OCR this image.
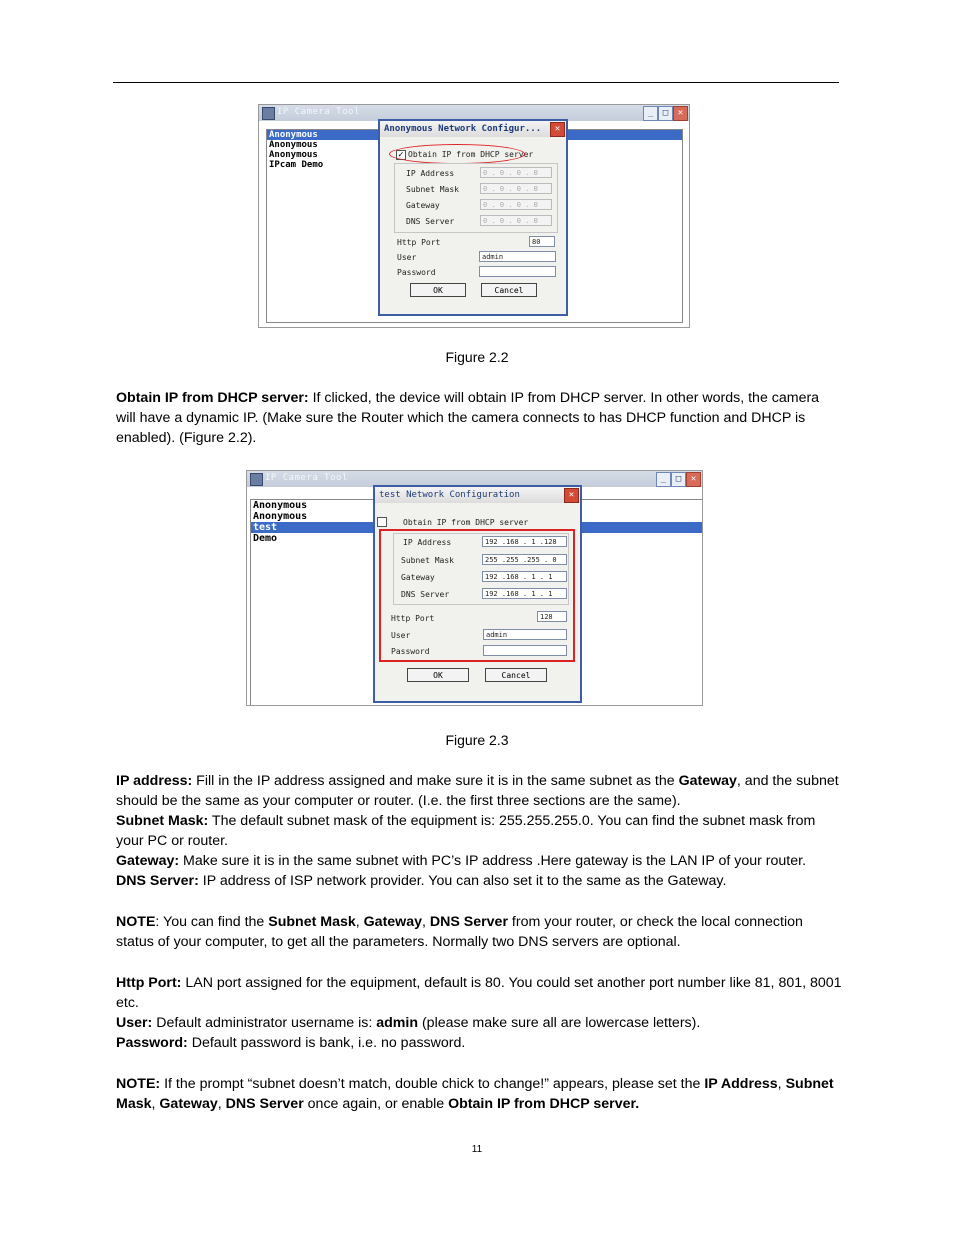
IP Camera Tool	_	□	✕
Anonymous
Anonymous
Anonymous
IPcam Demo
Anonymous Network Configur...	✕
✓ Obtain IP from DHCP server
IP Address	0 . 0 . 0 . 0
Subnet Mask	0 . 0 . 0 . 0
Gateway	0 . 0 . 0 . 0
DNS Server	0 . 0 . 0 . 0
Http Port	80
User	admin
Password
OK	Cancel
Figure 2.2

Obtain IP from DHCP server: If clicked, the device will obtain IP from DHCP server. In other words, the camera will have a dynamic IP. (Make sure the Router which the camera connects to has DHCP function and DHCP is enabled). (Figure 2.2).

IP Camera Tool	_	□	✕
Anonymous
Anonymous
test
Demo
test Network Configuration	✕
Obtain IP from DHCP server
IP Address	192 .168 . 1 .128
Subnet Mask	255 .255 .255 . 0
Gateway	192 .168 . 1 . 1
DNS Server	192 .168 . 1 . 1
Http Port	128
User	admin
Password
OK	Cancel
Figure 2.3

IP address: Fill in the IP address assigned and make sure it is in the same subnet as the Gateway, and the subnet should be the same as your computer or router. (I.e. the first three sections are the same).

Subnet Mask: The default subnet mask of the equipment is: 255.255.255.0. You can find the subnet mask from your PC or router.

Gateway: Make sure it is in the same subnet with PC’s IP address .Here gateway is the LAN IP of your router.

DNS Server: IP address of ISP network provider. You can also set it to the same as the Gateway.

NOTE: You can find the Subnet Mask, Gateway, DNS Server from your router, or check the local connection status of your computer, to get all the parameters. Normally two DNS servers are optional.

Http Port: LAN port assigned for the equipment, default is 80. You could set another port number like 81, 801, 8001 etc.

User: Default administrator username is: admin (please make sure all are lowercase letters).

Password: Default password is bank, i.e. no password.

NOTE: If the prompt “subnet doesn’t match, double chick to change!” appears, please set the IP Address, Subnet Mask, Gateway, DNS Server once again, or enable Obtain IP from DHCP server.

11
